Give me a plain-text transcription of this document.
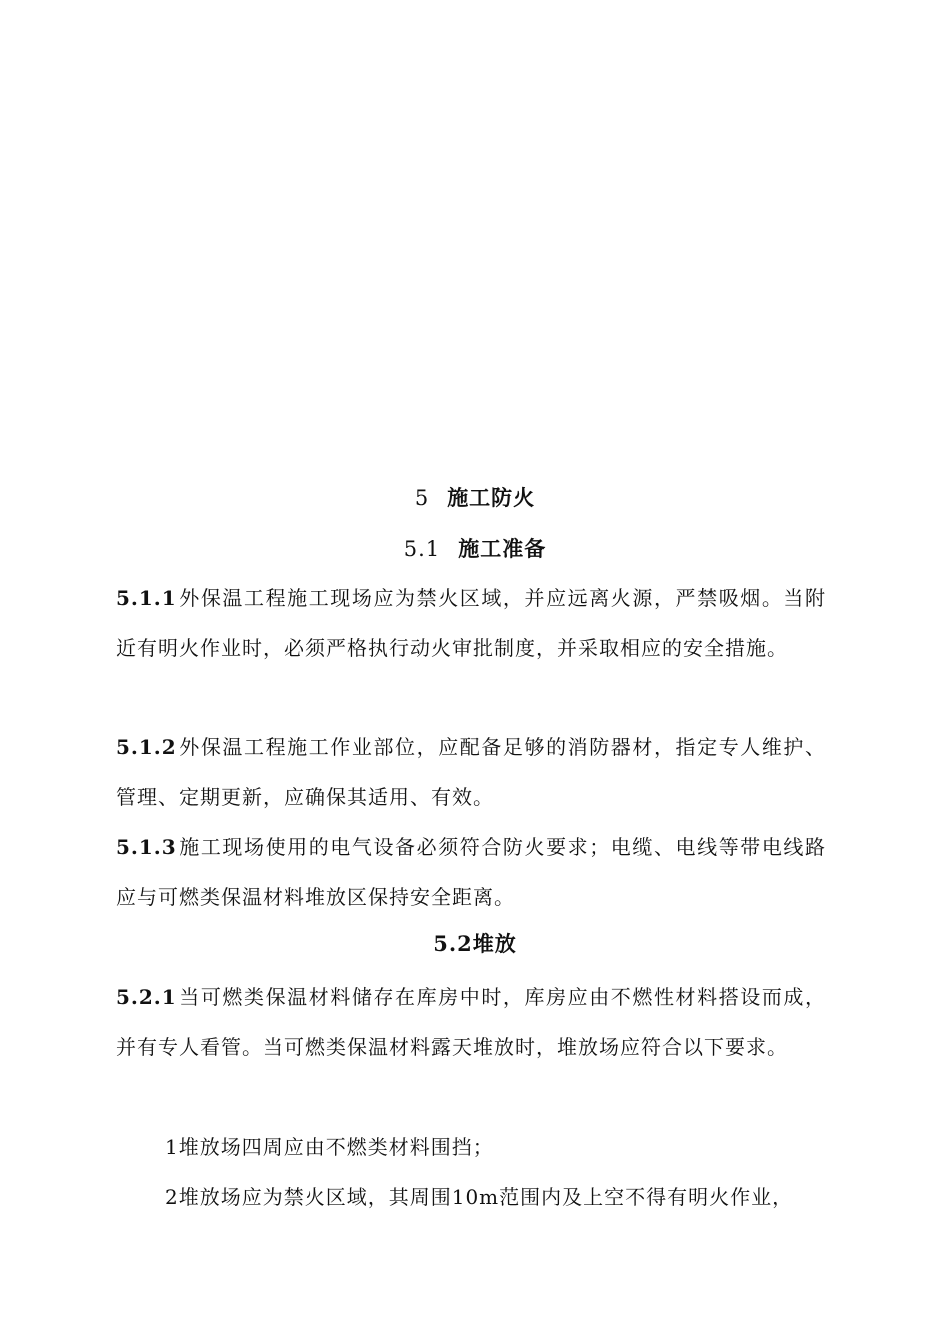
5 施工防火
5.1 施工准备
5.1.1 外保温工程施工现场应为禁火区域，并应远离火源，严禁吸烟。当附近有明火作业时，必须严格执行动火审批制度，并采取相应的安全措施。
5.1.2 外保温工程施工作业部位，应配备足够的消防器材，指定专人维护、管理、定期更新，应确保其适用、有效。
5.1.3 施工现场使用的电气设备必须符合防火要求；电缆、电线等带电线路应与可燃类保温材料堆放区保持安全距离。
5.2堆放
5.2.1 当可燃类保温材料储存在库房中时，库房应由不燃性材料搭设而成，并有专人看管。当可燃类保温材料露天堆放时，堆放场应符合以下要求。
1堆放场四周应由不燃类材料围挡；
2堆放场应为禁火区域，其周围10m范围内及上空不得有明火作业，
